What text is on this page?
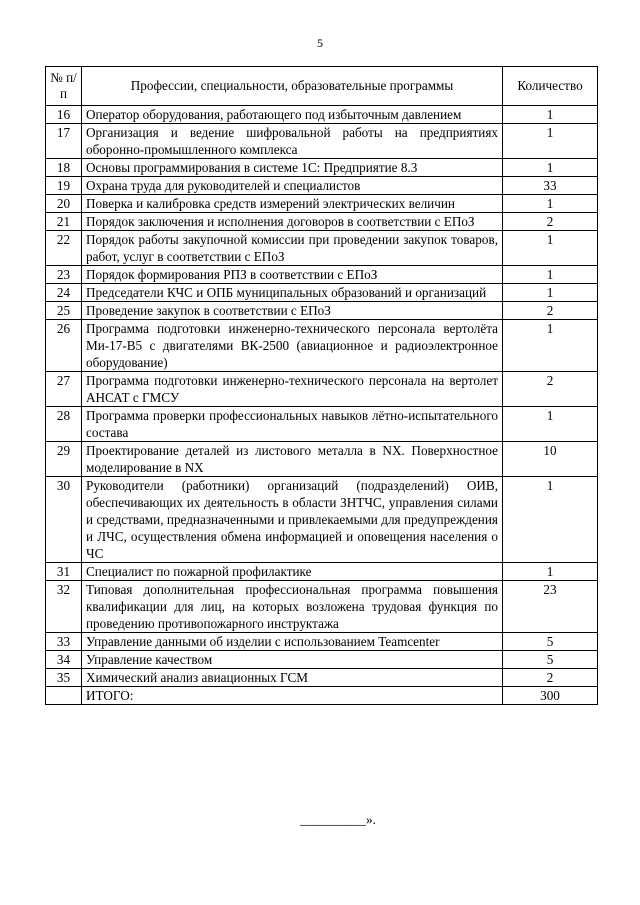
5
№ п/п	Профессии, специальности, образовательные программы	Количество
16	Оператор оборудования, работающего под избыточным давлением	1
17	Организация и ведение шифровальной работы на предприятиях оборонно-промышленного комплекса	1
18	Основы программирования в системе 1С: Предприятие 8.3	1
19	Охрана труда для руководителей и специалистов	33
20	Поверка и калибровка средств измерений электрических величин	1
21	Порядок заключения и исполнения договоров в соответствии с ЕПоЗ	2
22	Порядок работы закупочной комиссии при проведении закупок товаров, работ, услуг в соответствии с ЕПоЗ	1
23	Порядок формирования РПЗ в соответствии с ЕПоЗ	1
24	Председатели КЧС и ОПБ муниципальных образований и организаций	1
25	Проведение закупок в соответствии с ЕПоЗ	2
26	Программа подготовки инженерно-технического персонала вертолёта Ми-17-В5 с двигателями ВК-2500 (авиационное и радиоэлектронное оборудование)	1
27	Программа подготовки инженерно-технического персонала на вертолет АНСАТ с ГМСУ	2
28	Программа проверки профессиональных навыков лётно-испытательного состава	1
29	Проектирование деталей из листового металла в NX. Поверхностное моделирование в NX	10
30	Руководители (работники) организаций (подразделений) ОИВ, обеспечивающих их деятельность в области ЗНТЧС, управления силами и средствами, предназначенными и привлекаемыми для предупреждения и ЛЧС, осуществления обмена информацией и оповещения населения о ЧС	1
31	Специалист по пожарной профилактике	1
32	Типовая дополнительная профессиональная программа повышения квалификации для лиц, на которых возложена трудовая функция по проведению противопожарного инструктажа	23
33	Управление данными об изделии с использованием Teamcenter	5
34	Управление качеством	5
35	Химический анализ авиационных ГСМ	2
	ИТОГО:	300
__________».
